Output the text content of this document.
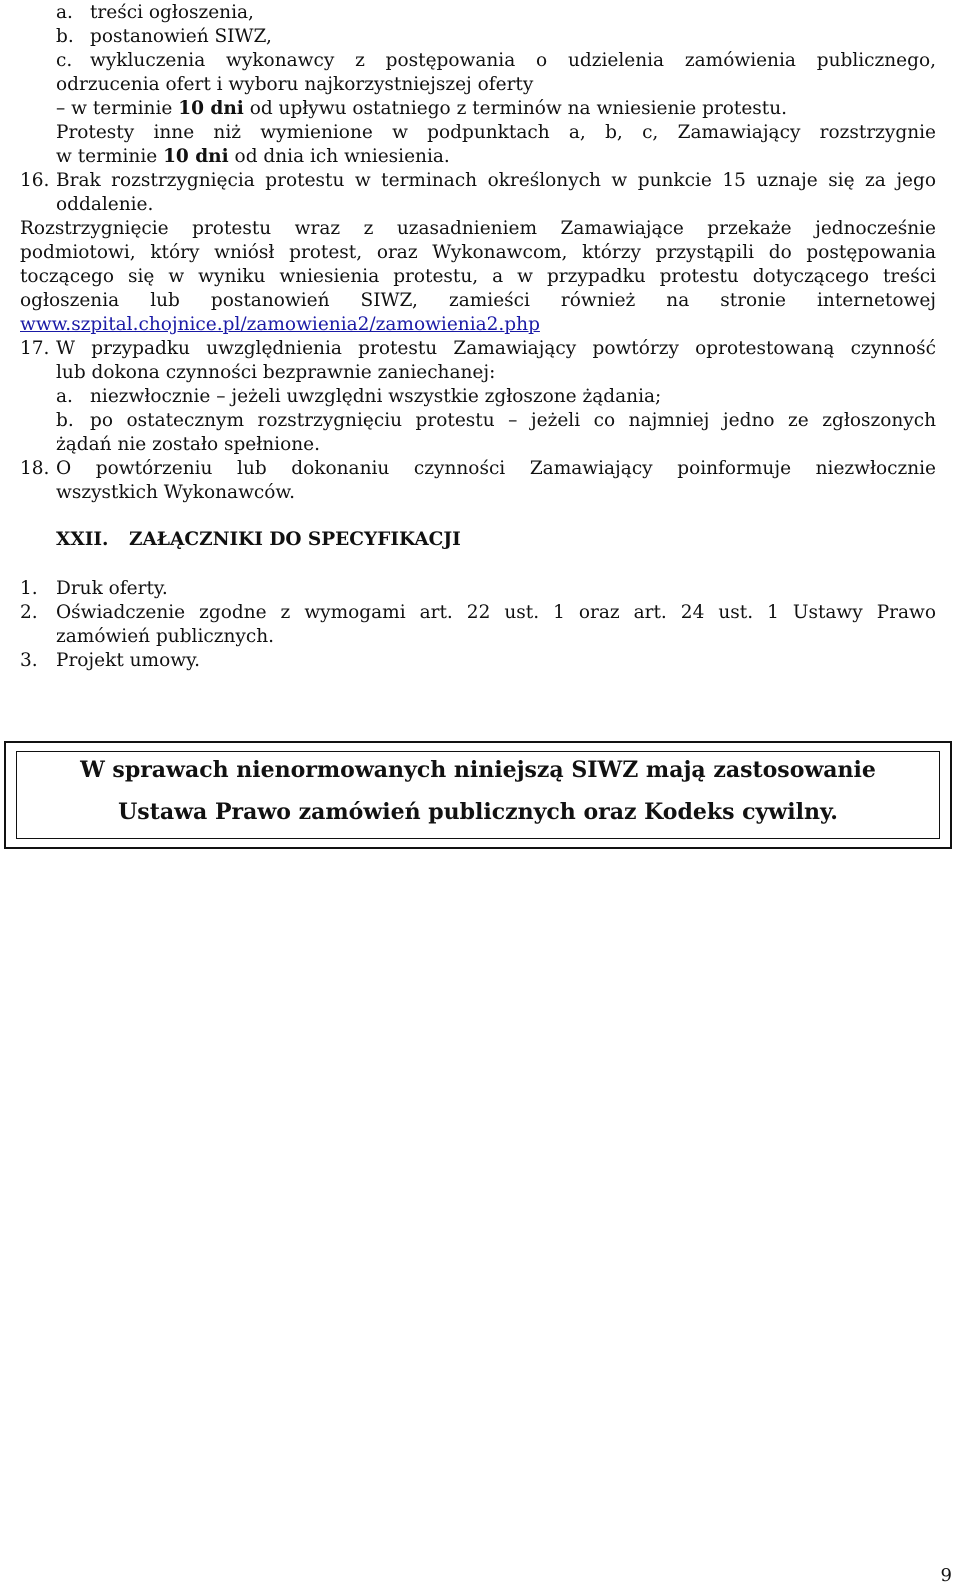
a. treści ogłoszenia,
b. postanowień SIWZ,
c. wykluczenia wykonawcy z postępowania o udzielenia zamówienia publicznego,
odrzucenia ofert i wyboru najkorzystniejszej oferty
– w terminie 10 dni od upływu ostatniego z terminów na wniesienie protestu.
Protesty inne niż wymienione w podpunktach a, b, c, Zamawiający rozstrzygnie
w terminie 10 dni od dnia ich wniesienia.
16. Brak rozstrzygnięcia protestu w terminach określonych w punkcie 15 uznaje się za jego
oddalenie.
Rozstrzygnięcie protestu wraz z uzasadnieniem Zamawiające przekaże jednocześnie
podmiotowi, który wniósł protest, oraz Wykonawcom, którzy przystąpili do postępowania
toczącego się w wyniku wniesienia protestu, a w przypadku protestu dotyczącego treści
ogłoszenia lub postanowień SIWZ, zamieści również na stronie internetowej
www.szpital.chojnice.pl/zamowienia2/zamowienia2.php
17. W przypadku uwzględnienia protestu Zamawiający powtórzy oprotestowaną czynność
lub dokona czynności bezprawnie zaniechanej:
a. niezwłocznie – jeżeli uwzględni wszystkie zgłoszone żądania;
b. po ostatecznym rozstrzygnięciu protestu – jeżeli co najmniej jedno ze zgłoszonych
żądań nie zostało spełnione.
18. O powtórzeniu lub dokonaniu czynności Zamawiający poinformuje niezwłocznie
wszystkich Wykonawców.
XXII. ZAŁĄCZNIKI DO SPECYFIKACJI
1. Druk oferty.
2. Oświadczenie zgodne z wymogami art. 22 ust. 1 oraz art. 24 ust. 1 Ustawy Prawo
zamówień publicznych.
3. Projekt umowy.
W sprawach nienormowanych niniejszą SIWZ mają zastosowanie
Ustawa Prawo zamówień publicznych oraz Kodeks cywilny.
9
